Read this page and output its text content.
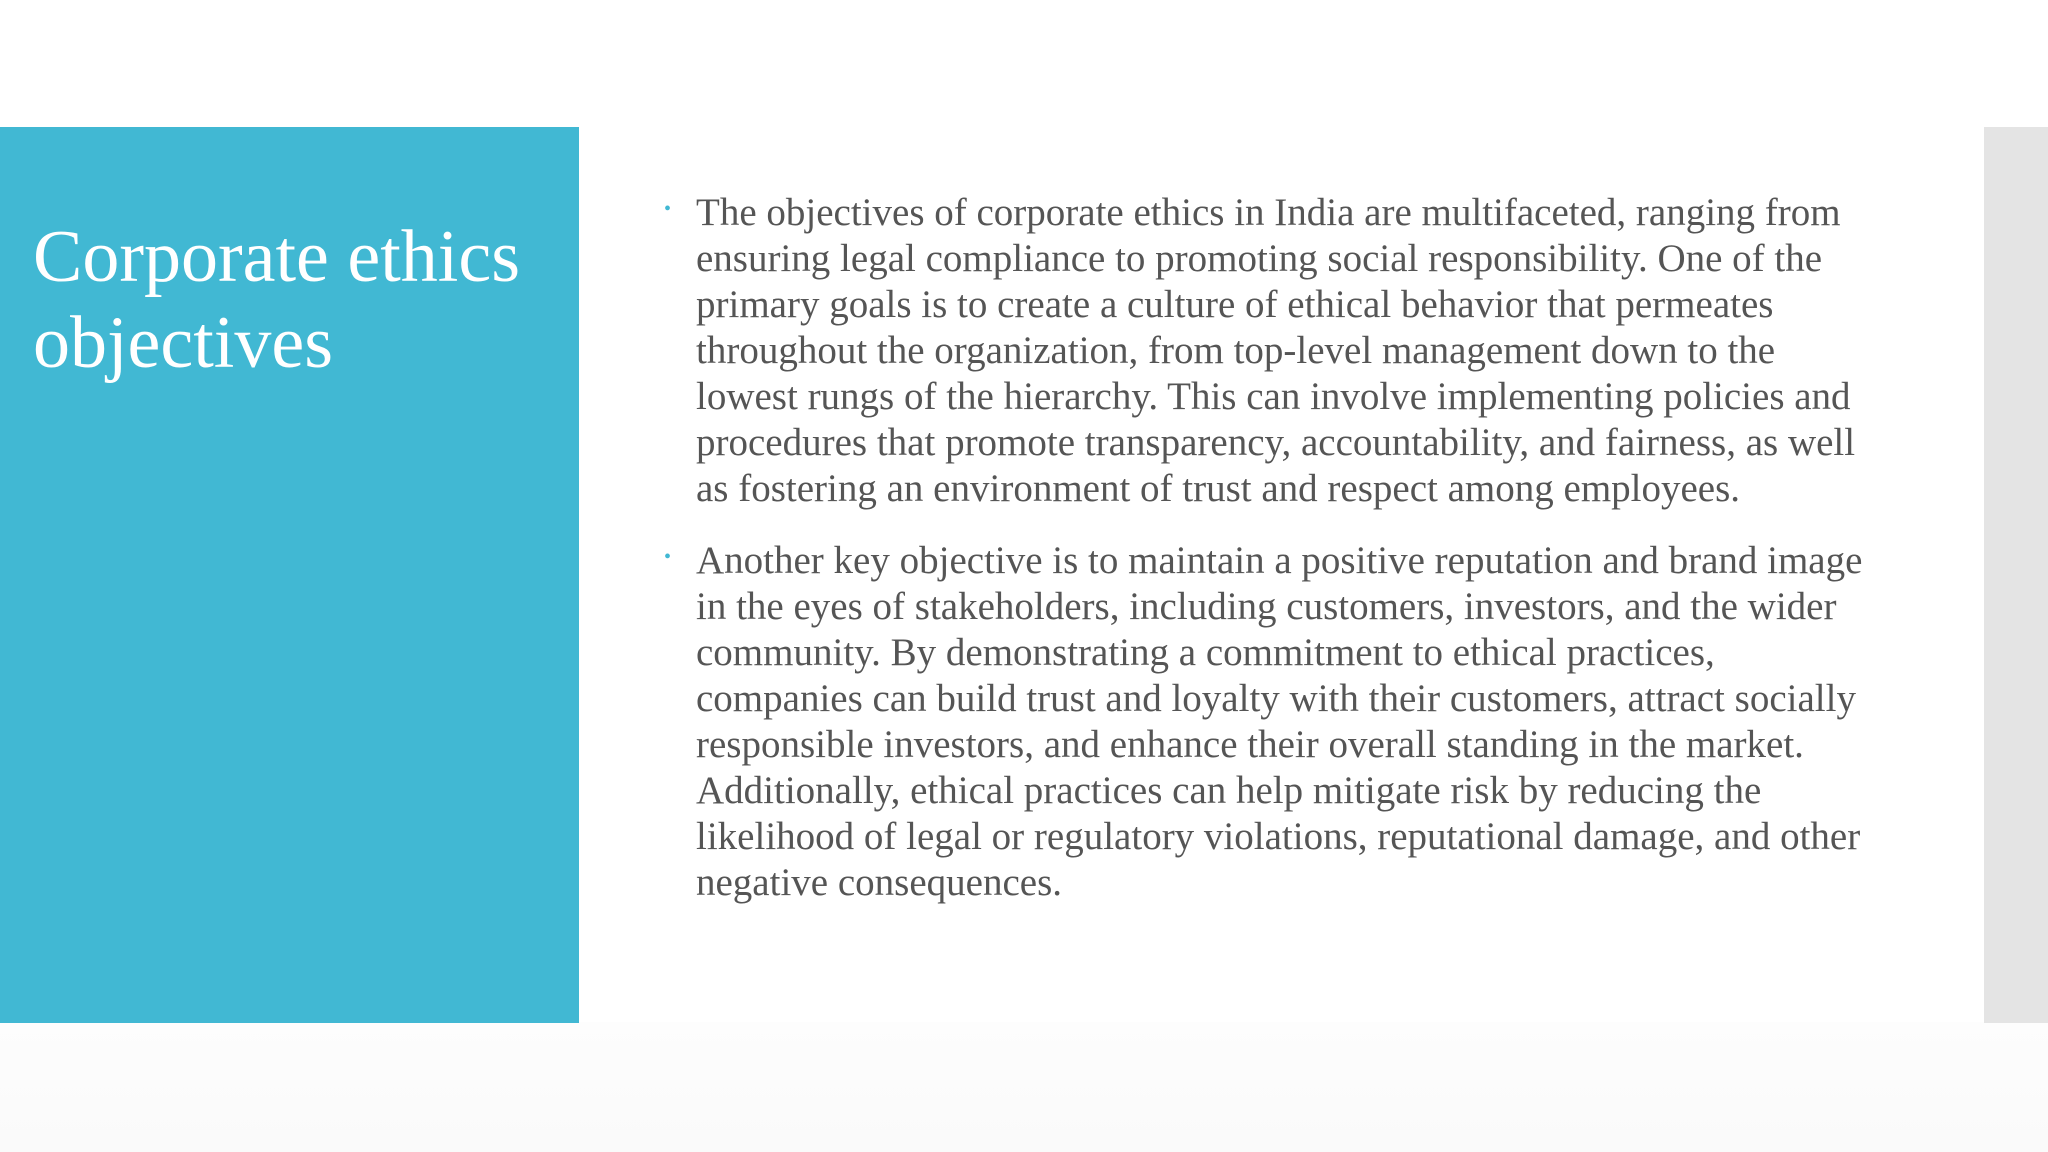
Corporate ethics objectives
• The objectives of corporate ethics in India are multifaceted, ranging from ensuring legal compliance to promoting social responsibility. One of the primary goals is to create a culture of ethical behavior that permeates throughout the organization, from top-level management down to the lowest rungs of the hierarchy. This can involve implementing policies and procedures that promote transparency, accountability, and fairness, as well as fostering an environment of trust and respect among employees.
• Another key objective is to maintain a positive reputation and brand image in the eyes of stakeholders, including customers, investors, and the wider community. By demonstrating a commitment to ethical practices, companies can build trust and loyalty with their customers, attract socially responsible investors, and enhance their overall standing in the market. Additionally, ethical practices can help mitigate risk by reducing the likelihood of legal or regulatory violations, reputational damage, and other negative consequences.
